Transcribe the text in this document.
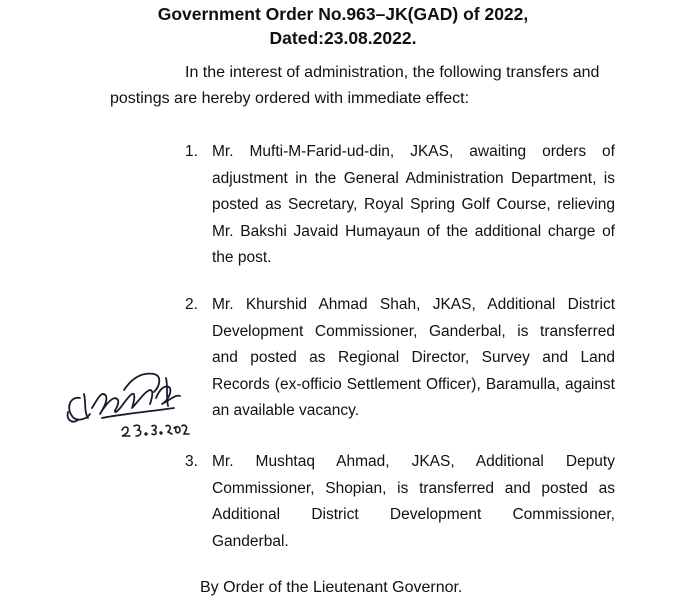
Government Order No.963–JK(GAD) of 2022,
Dated:23.08.2022.
In the interest of administration, the following transfers and
postings are hereby ordered with immediate effect:
1. Mr. Mufti-M-Farid-ud-din, JKAS, awaiting orders of adjustment in the General Administration Department, is posted as Secretary, Royal Spring Golf Course, relieving Mr. Bakshi Javaid Humayaun of the additional charge of the post.
2. Mr. Khurshid Ahmad Shah, JKAS, Additional District Development Commissioner, Ganderbal, is transferred and posted as Regional Director, Survey and Land Records (ex-officio Settlement Officer), Baramulla, against an available vacancy.
3. Mr. Mushtaq Ahmad, JKAS, Additional Deputy Commissioner, Shopian, is transferred and posted as Additional District Development Commissioner, Ganderbal.
By Order of the Lieutenant Governor.
